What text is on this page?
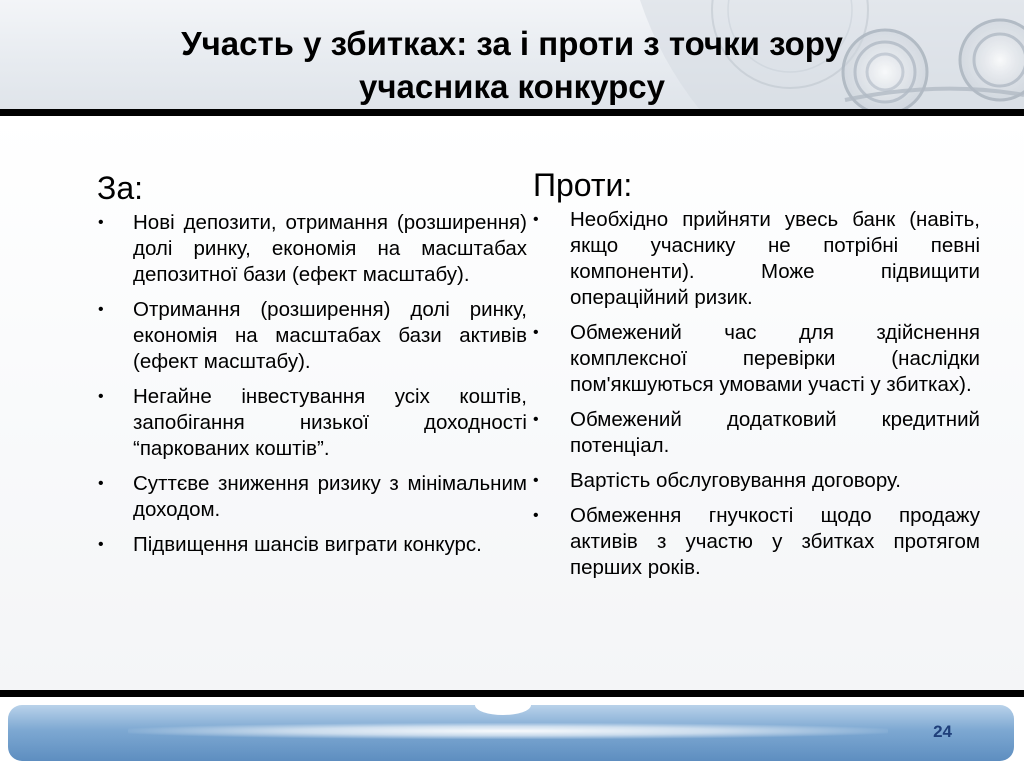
Участь у збитках: за і проти з точки зору
учасника конкурсу
За:
• Нові депозити, отримання (розширення) долі ринку, економія на масштабах депозитної бази (ефект масштабу).
• Отримання (розширення) долі ринку, економія на масштабах бази активів (ефект масштабу).
• Негайне інвестування усіх коштів, запобігання низької доходності “паркованих коштів”.
• Суттєве зниження ризику з мінімальним доходом.
• Підвищення шансів виграти конкурс.
Проти:
• Необхідно прийняти увесь банк (навіть, якщо учаснику не потрібні певні компоненти). Може підвищити операційний ризик.
• Обмежений час для здійснення комплексної перевірки (наслідки пом'якшуються умовами участі у збитках).
• Обмежений додатковий кредитний потенціал.
• Вартість обслуговування договору.
• Обмеження гнучкості щодо продажу активів з участю у збитках протягом перших років.
24
